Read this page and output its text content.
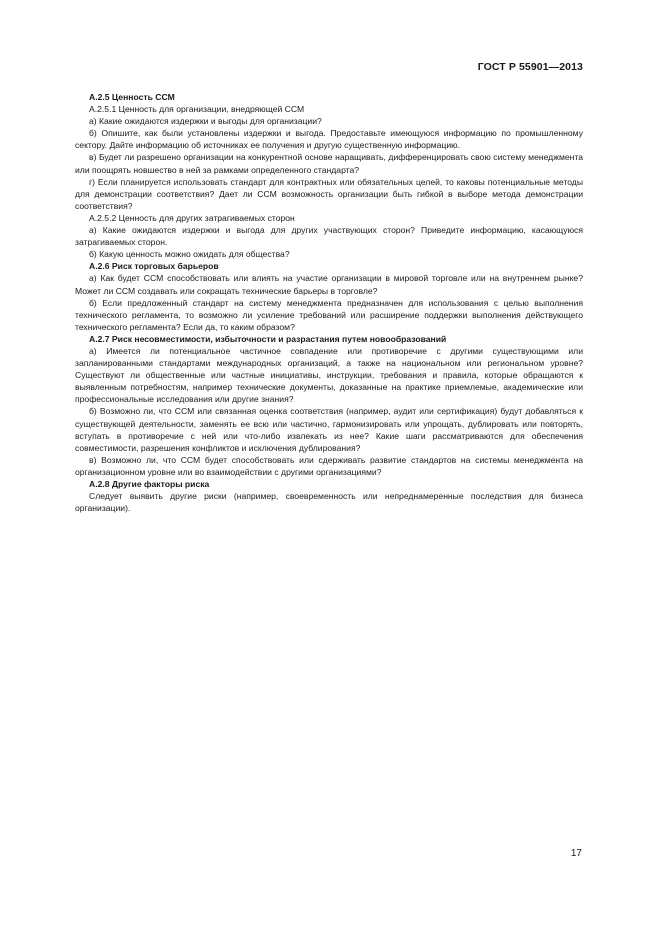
ГОСТ Р 55901—2013

А.2.5 Ценность ССМ

А.2.5.1 Ценность для организации, внедряющей ССМ

а) Какие ожидаются издержки и выгоды для организации?

б) Опишите, как были установлены издержки и выгода. Предоставьте имеющуюся информацию по промышленному сектору. Дайте информацию об источниках ее получения и другую существенную информацию.

в) Будет ли разрешено организации на конкурентной основе наращивать, дифференцировать свою систему менеджмента или поощрять новшество в ней за рамками определенного стандарта?

г) Если планируется использовать стандарт для контрактных или обязательных целей, то каковы потенциальные методы для демонстрации соответствия? Дает ли ССМ возможность организации быть гибкой в выборе метода демонстрации соответствия?

А.2.5.2 Ценность для других затрагиваемых сторон

а) Какие ожидаются издержки и выгода для других участвующих сторон? Приведите информацию, касающуюся затрагиваемых сторон.

б) Какую ценность можно ожидать для общества?

А.2.6 Риск торговых барьеров

а) Как будет ССМ способствовать или влиять на участие организации в мировой торговле или на внутреннем рынке? Может ли ССМ создавать или сокращать технические барьеры в торговле?

б) Если предложенный стандарт на систему менеджмента предназначен для использования с целью выполнения технического регламента, то возможно ли усиление требований или расширение поддержки выполнения действующего технического регламента? Если да, то каким образом?

А.2.7 Риск несовместимости, избыточности и разрастания путем новообразований

а) Имеется ли потенциальное частичное совпадение или противоречие с другими существующими или запланированными стандартами международных организаций, а также на национальном или региональном уровне? Существуют ли общественные или частные инициативы, инструкции, требования и правила, которые обращаются к выявленным потребностям, например технические документы, доказанные на практике приемлемые, академические или профессиональные исследования или другие знания?

б) Возможно ли, что ССМ или связанная оценка соответствия (например, аудит или сертификация) будут добавляться к существующей деятельности, заменять ее всю или частично, гармонизировать или упрощать, дублировать или повторять, вступать в противоречие с ней или что-либо извлекать из нее? Какие шаги рассматриваются для обеспечения совместимости, разрешения конфликтов и исключения дублирования?

в) Возможно ли, что ССМ будет способствовать или сдерживать развитие стандартов на системы менеджмента на организационном уровне или во взаимодействии с другими организациями?

А.2.8 Другие факторы риска

Следует выявить другие риски (например, своевременность или непреднамеренные последствия для бизнеса организации).

17
